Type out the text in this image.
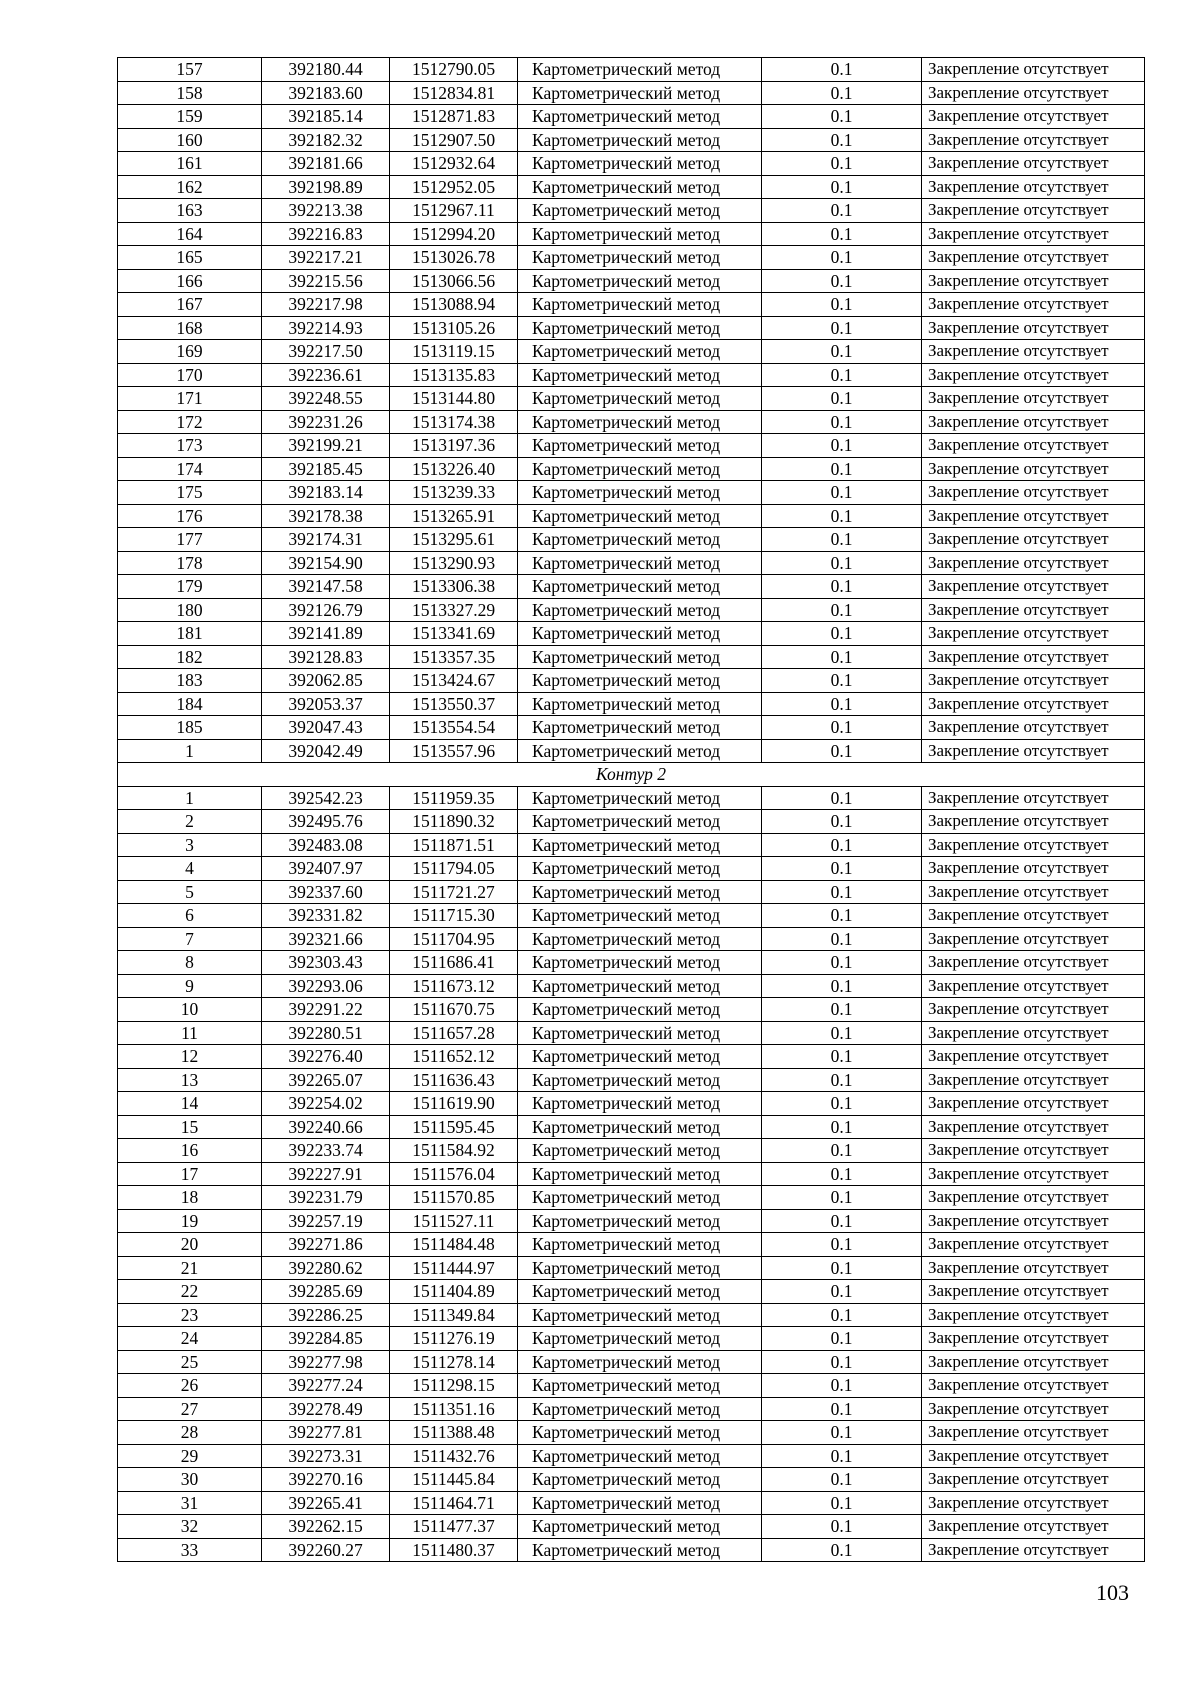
157	392180.44	1512790.05	Картометрический метод	0.1	Закрепление отсутствует
158	392183.60	1512834.81	Картометрический метод	0.1	Закрепление отсутствует
159	392185.14	1512871.83	Картометрический метод	0.1	Закрепление отсутствует
160	392182.32	1512907.50	Картометрический метод	0.1	Закрепление отсутствует
161	392181.66	1512932.64	Картометрический метод	0.1	Закрепление отсутствует
162	392198.89	1512952.05	Картометрический метод	0.1	Закрепление отсутствует
163	392213.38	1512967.11	Картометрический метод	0.1	Закрепление отсутствует
164	392216.83	1512994.20	Картометрический метод	0.1	Закрепление отсутствует
165	392217.21	1513026.78	Картометрический метод	0.1	Закрепление отсутствует
166	392215.56	1513066.56	Картометрический метод	0.1	Закрепление отсутствует
167	392217.98	1513088.94	Картометрический метод	0.1	Закрепление отсутствует
168	392214.93	1513105.26	Картометрический метод	0.1	Закрепление отсутствует
169	392217.50	1513119.15	Картометрический метод	0.1	Закрепление отсутствует
170	392236.61	1513135.83	Картометрический метод	0.1	Закрепление отсутствует
171	392248.55	1513144.80	Картометрический метод	0.1	Закрепление отсутствует
172	392231.26	1513174.38	Картометрический метод	0.1	Закрепление отсутствует
173	392199.21	1513197.36	Картометрический метод	0.1	Закрепление отсутствует
174	392185.45	1513226.40	Картометрический метод	0.1	Закрепление отсутствует
175	392183.14	1513239.33	Картометрический метод	0.1	Закрепление отсутствует
176	392178.38	1513265.91	Картометрический метод	0.1	Закрепление отсутствует
177	392174.31	1513295.61	Картометрический метод	0.1	Закрепление отсутствует
178	392154.90	1513290.93	Картометрический метод	0.1	Закрепление отсутствует
179	392147.58	1513306.38	Картометрический метод	0.1	Закрепление отсутствует
180	392126.79	1513327.29	Картометрический метод	0.1	Закрепление отсутствует
181	392141.89	1513341.69	Картометрический метод	0.1	Закрепление отсутствует
182	392128.83	1513357.35	Картометрический метод	0.1	Закрепление отсутствует
183	392062.85	1513424.67	Картометрический метод	0.1	Закрепление отсутствует
184	392053.37	1513550.37	Картометрический метод	0.1	Закрепление отсутствует
185	392047.43	1513554.54	Картометрический метод	0.1	Закрепление отсутствует
1	392042.49	1513557.96	Картометрический метод	0.1	Закрепление отсутствует
Контур 2					
1	392542.23	1511959.35	Картометрический метод	0.1	Закрепление отсутствует
2	392495.76	1511890.32	Картометрический метод	0.1	Закрепление отсутствует
3	392483.08	1511871.51	Картометрический метод	0.1	Закрепление отсутствует
4	392407.97	1511794.05	Картометрический метод	0.1	Закрепление отсутствует
5	392337.60	1511721.27	Картометрический метод	0.1	Закрепление отсутствует
6	392331.82	1511715.30	Картометрический метод	0.1	Закрепление отсутствует
7	392321.66	1511704.95	Картометрический метод	0.1	Закрепление отсутствует
8	392303.43	1511686.41	Картометрический метод	0.1	Закрепление отсутствует
9	392293.06	1511673.12	Картометрический метод	0.1	Закрепление отсутствует
10	392291.22	1511670.75	Картометрический метод	0.1	Закрепление отсутствует
11	392280.51	1511657.28	Картометрический метод	0.1	Закрепление отсутствует
12	392276.40	1511652.12	Картометрический метод	0.1	Закрепление отсутствует
13	392265.07	1511636.43	Картометрический метод	0.1	Закрепление отсутствует
14	392254.02	1511619.90	Картометрический метод	0.1	Закрепление отсутствует
15	392240.66	1511595.45	Картометрический метод	0.1	Закрепление отсутствует
16	392233.74	1511584.92	Картометрический метод	0.1	Закрепление отсутствует
17	392227.91	1511576.04	Картометрический метод	0.1	Закрепление отсутствует
18	392231.79	1511570.85	Картометрический метод	0.1	Закрепление отсутствует
19	392257.19	1511527.11	Картометрический метод	0.1	Закрепление отсутствует
20	392271.86	1511484.48	Картометрический метод	0.1	Закрепление отсутствует
21	392280.62	1511444.97	Картометрический метод	0.1	Закрепление отсутствует
22	392285.69	1511404.89	Картометрический метод	0.1	Закрепление отсутствует
23	392286.25	1511349.84	Картометрический метод	0.1	Закрепление отсутствует
24	392284.85	1511276.19	Картометрический метод	0.1	Закрепление отсутствует
25	392277.98	1511278.14	Картометрический метод	0.1	Закрепление отсутствует
26	392277.24	1511298.15	Картометрический метод	0.1	Закрепление отсутствует
27	392278.49	1511351.16	Картометрический метод	0.1	Закрепление отсутствует
28	392277.81	1511388.48	Картометрический метод	0.1	Закрепление отсутствует
29	392273.31	1511432.76	Картометрический метод	0.1	Закрепление отсутствует
30	392270.16	1511445.84	Картометрический метод	0.1	Закрепление отсутствует
31	392265.41	1511464.71	Картометрический метод	0.1	Закрепление отсутствует
32	392262.15	1511477.37	Картометрический метод	0.1	Закрепление отсутствует
33	392260.27	1511480.37	Картометрический метод	0.1	Закрепление отсутствует
103
